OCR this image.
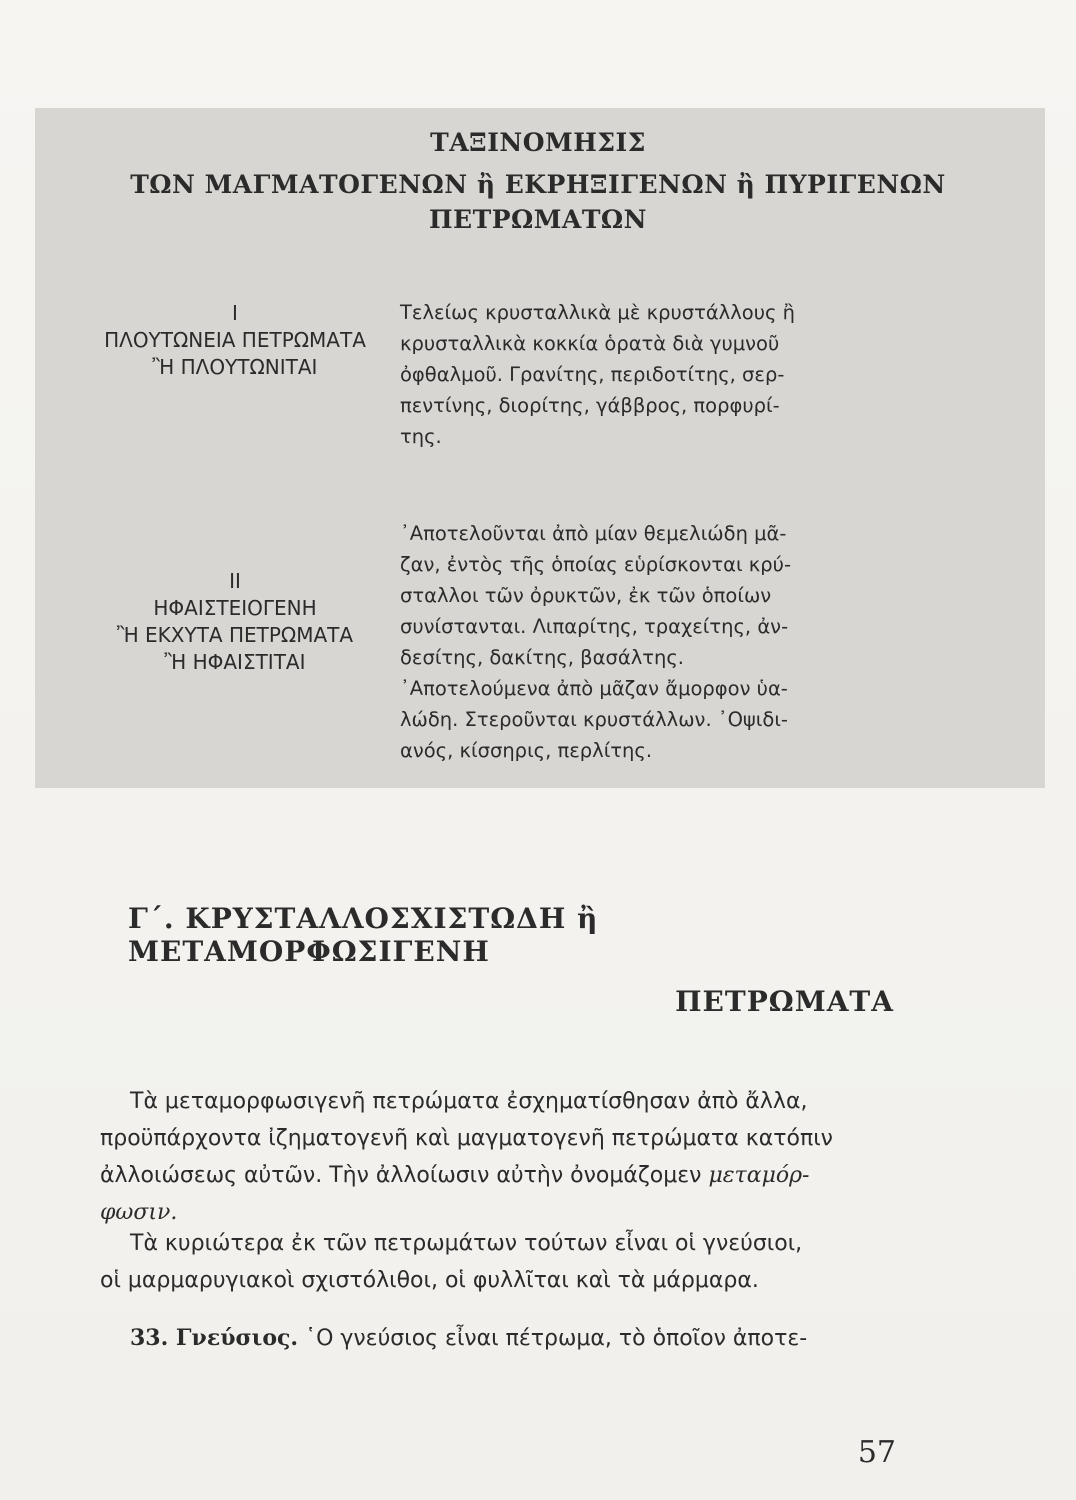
ΤΑΞΙΝΟΜΗΣΙΣ
ΤΩΝ ΜΑΓΜΑΤΟΓΕΝΩΝ ἢ ΕΚΡΗΞΙΓΕΝΩΝ ἢ ΠΥΡΙΓΕΝΩΝ
ΠΕΤΡΩΜΑΤΩΝ
I
ΠΛΟΥΤΩΝΕΙΑ ΠΕΤΡΩΜΑΤΑ
Ἢ ΠΛΟΥΤΩΝΙΤΑΙ
Τελείως κρυσταλλικὰ μὲ κρυστάλλους ἢ
κρυσταλλικὰ κοκκία ὁρατὰ διὰ γυμνοῦ
ὀφθαλμοῦ. Γρανίτης, περιδοτίτης, σερ-
πεντίνης, διορίτης, γάββρος, πορφυρί-
της.
II
ΗΦΑΙΣΤΕΙΟΓΕΝΗ
Ἢ ΕΚΧΥΤΑ ΠΕΤΡΩΜΑΤΑ
Ἢ ΗΦΑΙΣΤΙΤΑΙ
᾿Αποτελοῦνται ἀπὸ μίαν θεμελιώδη μᾶ-
ζαν, ἐντὸς τῆς ὁποίας εὑρίσκονται κρύ-
σταλλοι τῶν ὀρυκτῶν, ἐκ τῶν ὁποίων
συνίστανται. Λιπαρίτης, τραχείτης, ἀν-
δεσίτης, δακίτης, βασάλτης.
᾿Αποτελούμενα ἀπὸ μᾶζαν ἄμορφον ὑα-
λώδη. Στεροῦνται κρυστάλλων. ᾿Οψιδι-
ανός, κίσσηρις, περλίτης.
Γ΄. ΚΡΥΣΤΑΛΛΟΣΧΙΣΤΩΔΗ ἢ ΜΕΤΑΜΟΡΦΩΣΙΓΕΝΗ
ΠΕΤΡΩΜΑΤΑ
Τὰ μεταμορφωσιγενῆ πετρώματα ἐσχηματίσθησαν ἀπὸ ἄλλα,
προϋπάρχοντα ἰζηματογενῆ καὶ μαγματογενῆ πετρώματα κατόπιν
ἀλλοιώσεως αὐτῶν. Τὴν ἀλλοίωσιν αὐτὴν ὀνομάζομεν μεταμόρ-
φωσιν.
Τὰ κυριώτερα ἐκ τῶν πετρωμάτων τούτων εἶναι οἱ γνεύσιοι,
οἱ μαρμαρυγιακοὶ σχιστόλιθοι, οἱ φυλλῖται καὶ τὰ μάρμαρα.
33. Γνεύσιος. ῾Ο γνεύσιος εἶναι πέτρωμα, τὸ ὁποῖον ἀποτε-
57
